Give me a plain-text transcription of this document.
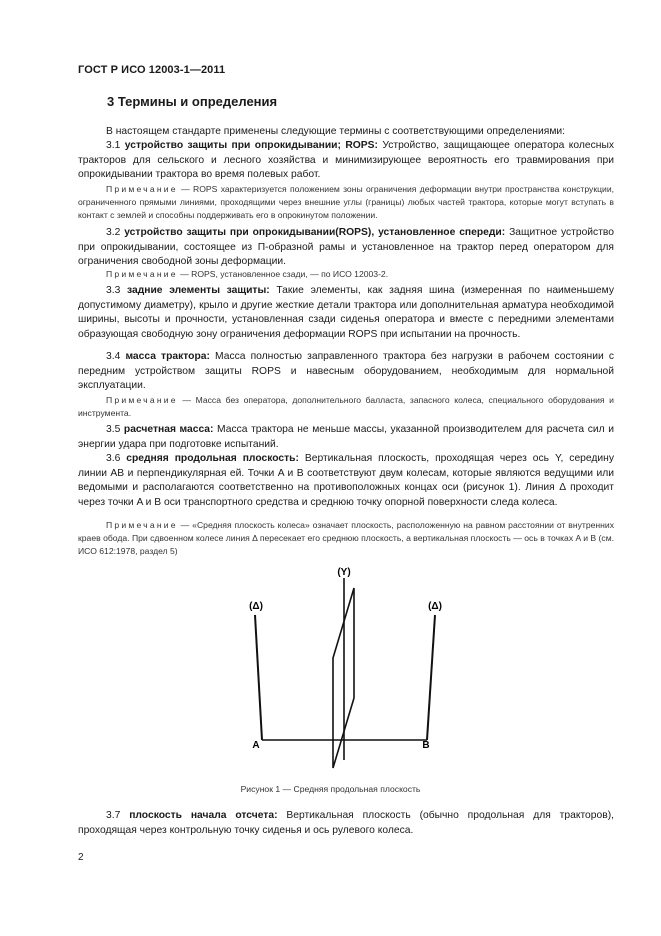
ГОСТ Р ИСО 12003-1—2011
3 Термины и определения
В настоящем стандарте применены следующие термины с соответствующими определениями:
3.1 устройство защиты при опрокидывании; ROPS: Устройство, защищающее оператора колесных тракторов для сельского и лесного хозяйства и минимизирующее вероятность его травмирования при опрокидывании трактора во время полевых работ.
Примечание — ROPS характеризуется положением зоны ограничения деформации внутри пространства конструкции, ограниченного прямыми линиями, проходящими через внешние углы (границы) любых частей трактора, которые могут вступать в контакт с землей и способны поддерживать его в опрокинутом положении.
3.2 устройство защиты при опрокидывании(ROPS), установленное спереди: Защитное устройство при опрокидывании, состоящее из П-образной рамы и установленное на трактор перед оператором для ограничения свободной зоны деформации.
Примечание — ROPS, установленное сзади, — по ИСО 12003-2.
3.3 задние элементы защиты: Такие элементы, как задняя шина (измеренная по наименьшему допустимому диаметру), крыло и другие жесткие детали трактора или дополнительная арматура необходимой ширины, высоты и прочности, установленная сзади сиденья оператора и вместе с передними элементами образующая свободную зону ограничения деформации ROPS при испытании на прочность.
3.4 масса трактора: Масса полностью заправленного трактора без нагрузки в рабочем состоянии с передним устройством защиты ROPS и навесным оборудованием, необходимым для нормальной эксплуатации.
Примечание — Масса без оператора, дополнительного балласта, запасного колеса, специального оборудования и инструмента.
3.5 расчетная масса: Масса трактора не меньше массы, указанной производителем для расчета сил и энергии удара при подготовке испытаний.
3.6 средняя продольная плоскость: Вертикальная плоскость, проходящая через ось Y, середину линии AB и перпендикулярная ей. Точки A и B соответствуют двум колесам, которые являются ведущими или ведомыми и располагаются соответственно на противоположных концах оси (рисунок 1). Линия Δ проходит через точки A и B оси транспортного средства и среднюю точку опорной поверхности следа колеса.
Примечание — «Средняя плоскость колеса» означает плоскость, расположенную на равном расстоянии от внутренних краев обода. При сдвоенном колесе линия Δ пересекает его среднюю плоскость, а вертикальная плоскость — ось в точках A и B (см. ИСО 612:1978, раздел 5)
(Y)
(Δ)	(Δ)
A	B
Рисунок 1 — Средняя продольная плоскость
3.7 плоскость начала отсчета: Вертикальная плоскость (обычно продольная для тракторов), проходящая через контрольную точку сиденья и ось рулевого колеса.
2
